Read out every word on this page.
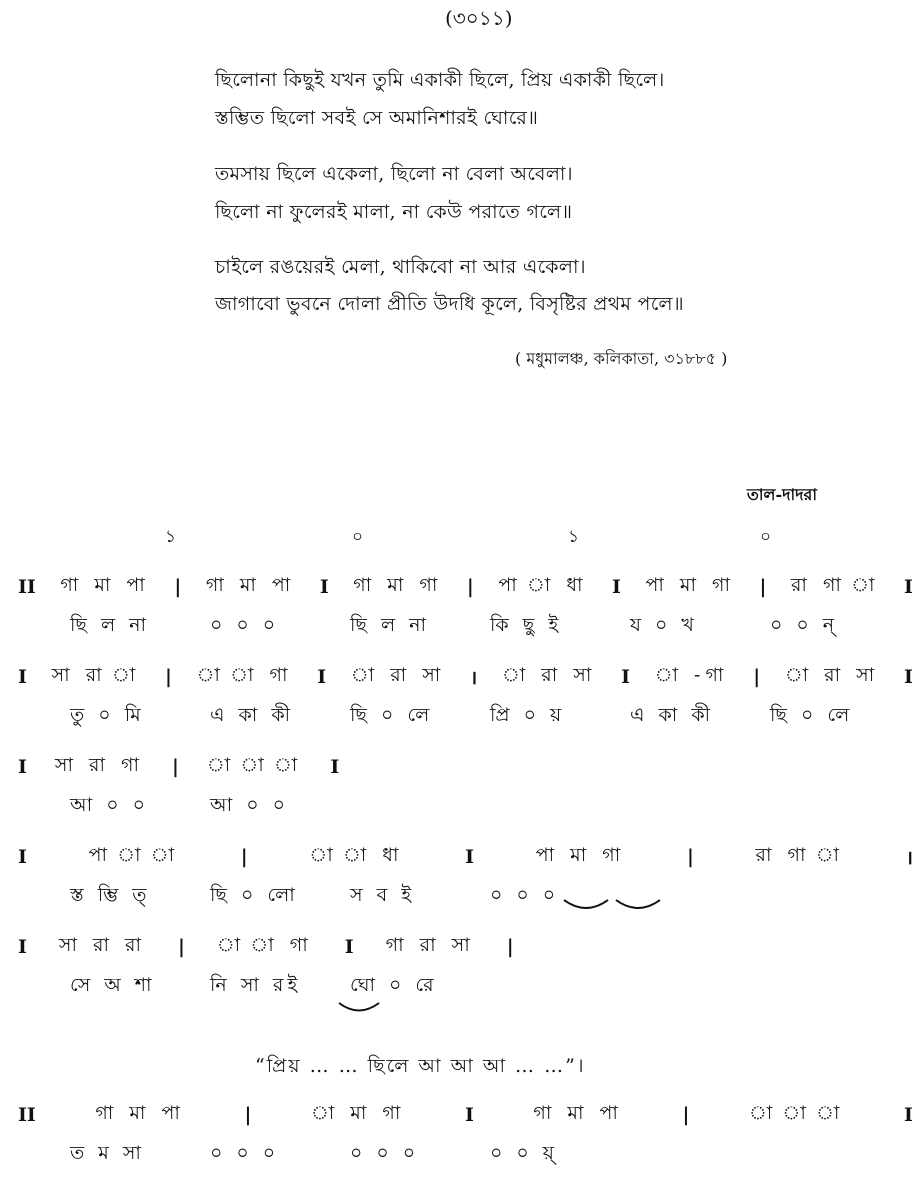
(৩০১১)
ছিলোনা কিছুই যখন তুমি একাকী ছিলে, প্রিয় একাকী ছিলে।
স্তম্ভিত ছিলো সবই সে অমানিশারই ঘোরে॥
তমসায় ছিলে একেলা, ছিলো না বেলা অবেলা।
ছিলো না ফুলেরই মালা, না কেউ পরাতে গলে॥
চাইলে রঙয়েরই মেলা, থাকিবো না আর একেলা।
জাগাবো ভুবনে দোলা প্রীতি উদধি কূলে, বিসৃষ্টির প্রথম পলে॥
( মধুমালঞ্চ, কলিকাতা, ৩১৮৮৫ )
তাল-দাদরা
১	০	১	০
II গা মা পা | গা মা পা I গা মা গা | পা া ধা I পা মা গা | রা গা া I
ছি ল না	০ ০ ০	ছি ল না	কি ছু ই	য ০ খ	০ ০ ন্
I সা রা া | া া গা I া রা সা । া রা সা I া -গা | া রা সা I
তু ০ মি	এ কা কী	ছি ০ লে	প্রি ০ য়	এ কা কী	ছি ০ লে
I সা রা গা | া া া I
আ ০ ০	আ ০ ০
I	পা া া	|	া া ধা	I	পা মা গা	|	রা গা া	।
স্ত ম্ভি ত্	ছি ০ লো	স ব ই	০ ০ ০
I সা রা রা | া া গা I গা রা সা |
সে অ শা	নি সা রই	ঘো ০ রে
II	গা মা পা	|	া মা গা	I	গা মা পা	|	া া া	I
ত ম সা	০ ০ ০	০ ০ ০	০ ০ য়্
“প্রিয় … … ছিলে আ আ আ … …”।
